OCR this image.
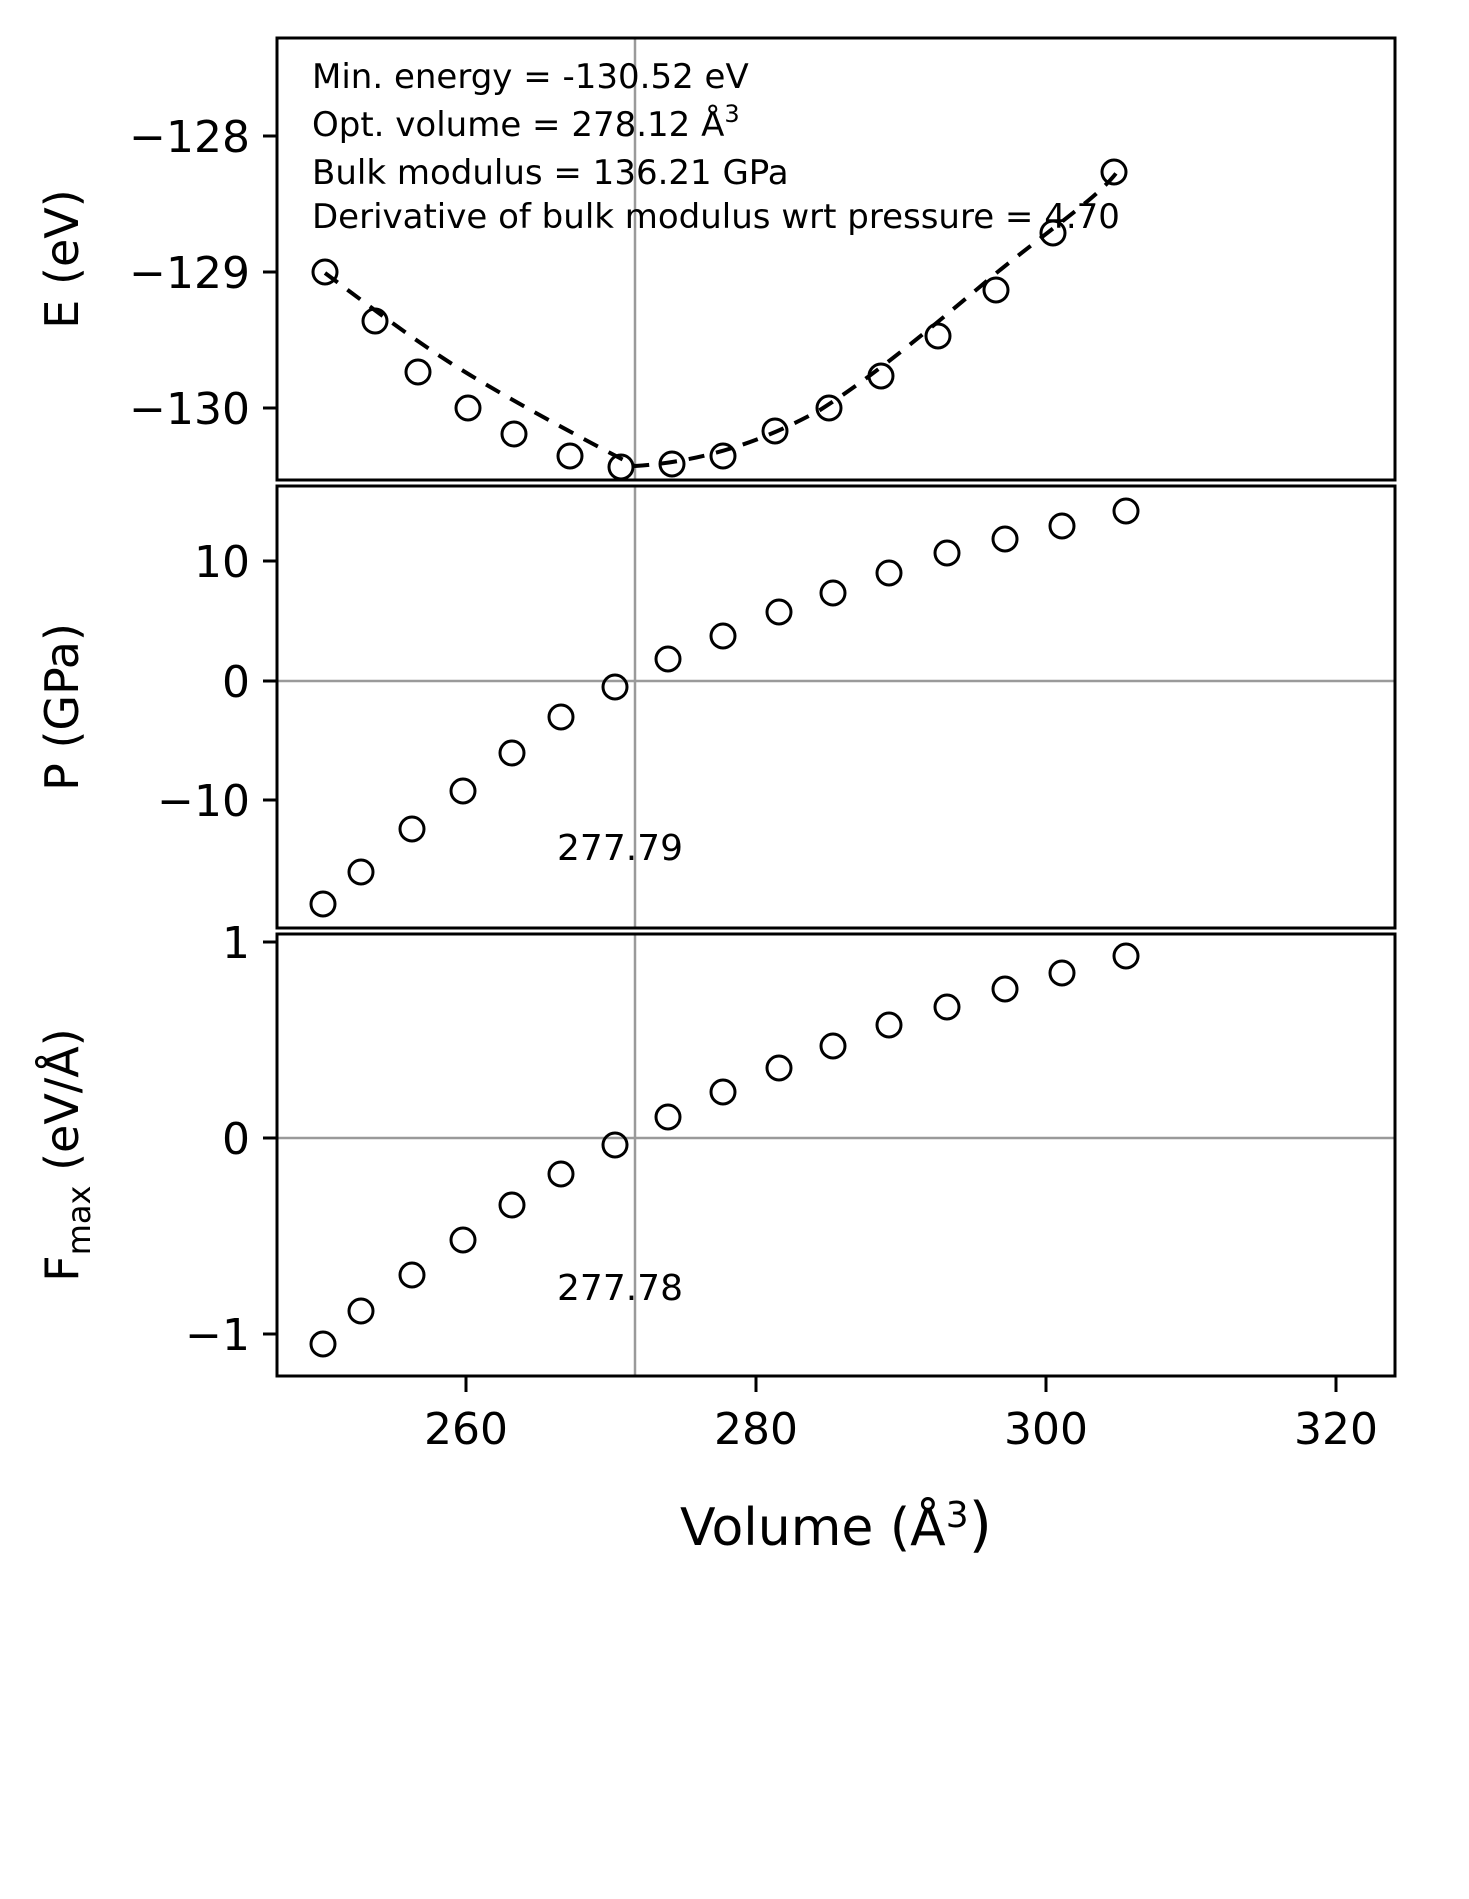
−128
−129
−130
E (eV)
Min. energy = -130.52 eV
Opt. volume = 278.12 $Å^3$
Bulk modulus = 136.21 GPa
Derivative of bulk modulus wrt pressure = 4.70
10
0
−10
P (GPa)
277.79
1
0
−1
$F_{max}$ (eV/Å)
277.78
260	280	300	320
Volume $(Å^3)$
